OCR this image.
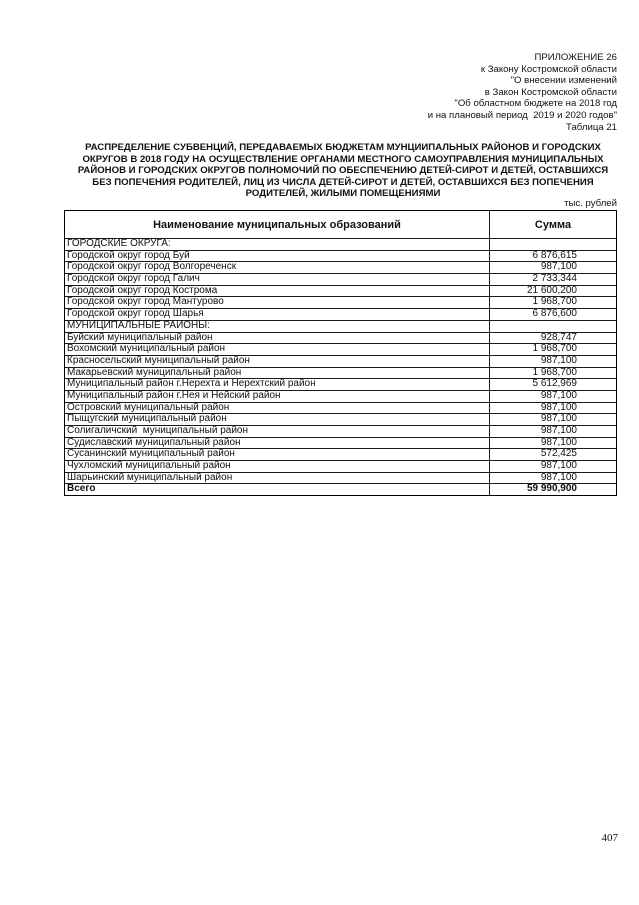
ПРИЛОЖЕНИЕ 26
к Закону Костромской области
"О внесении изменений
в Закон Костромской области
"Об областном бюджете на 2018 год
и на плановый период  2019 и 2020 годов"
Таблица 21
РАСПРЕДЕЛЕНИЕ СУБВЕНЦИЙ, ПЕРЕДАВАЕМЫХ БЮДЖЕТАМ МУНЦИИПАЛЬНЫХ РАЙОНОВ И ГОРОДСКИХ
ОКРУГОВ В 2018 ГОДУ НА ОСУЩЕСТВЛЕНИЕ ОРГАНАМИ МЕСТНОГО САМОУПРАВЛЕНИЯ МУНИЦИПАЛЬНЫХ
РАЙОНОВ И ГОРОДСКИХ ОКРУГОВ ПОЛНОМОЧИЙ ПО ОБЕСПЕЧЕНИЮ ДЕТЕЙ-СИРОТ И ДЕТЕЙ, ОСТАВШИХСЯ
БЕЗ ПОПЕЧЕНИЯ РОДИТЕЛЕЙ, ЛИЦ ИЗ ЧИСЛА ДЕТЕЙ-СИРОТ И ДЕТЕЙ, ОСТАВШИХСЯ БЕЗ ПОПЕЧЕНИЯ
РОДИТЕЛЕЙ, ЖИЛЫМИ ПОМЕЩЕНИЯМИ
тыс. рублей
Наименование муниципальных образований	Сумма
ГОРОДСКИЕ ОКРУГА:
Городской округ город Буй	6 876,615
Городской округ город Волгореченск	987,100
Городской округ город Галич	2 733,344
Городской округ город Кострома	21 600,200
Городской округ город Мантурово	1 968,700
Городской округ город Шарья	6 876,600
МУНИЦИПАЛЬНЫЕ РАЙОНЫ:
Буйский муниципальный район	928,747
Вохомский муниципальный район	1 968,700
Красносельский муниципальный район	987,100
Макарьевский муниципальный район	1 968,700
Муниципальный район г.Нерехта и Нерехтский район	5 612,969
Муниципальный район г.Нея и Нейский район	987,100
Островский муниципальный район	987,100
Пыщугский муниципальный район	987,100
Солигаличский  муниципальный район	987,100
Судиславский муниципальный район	987,100
Сусанинский муниципальный район	572,425
Чухломский муниципальный район	987,100
Шарьинский муниципальный район	987,100
Всего	59 990,900
407
